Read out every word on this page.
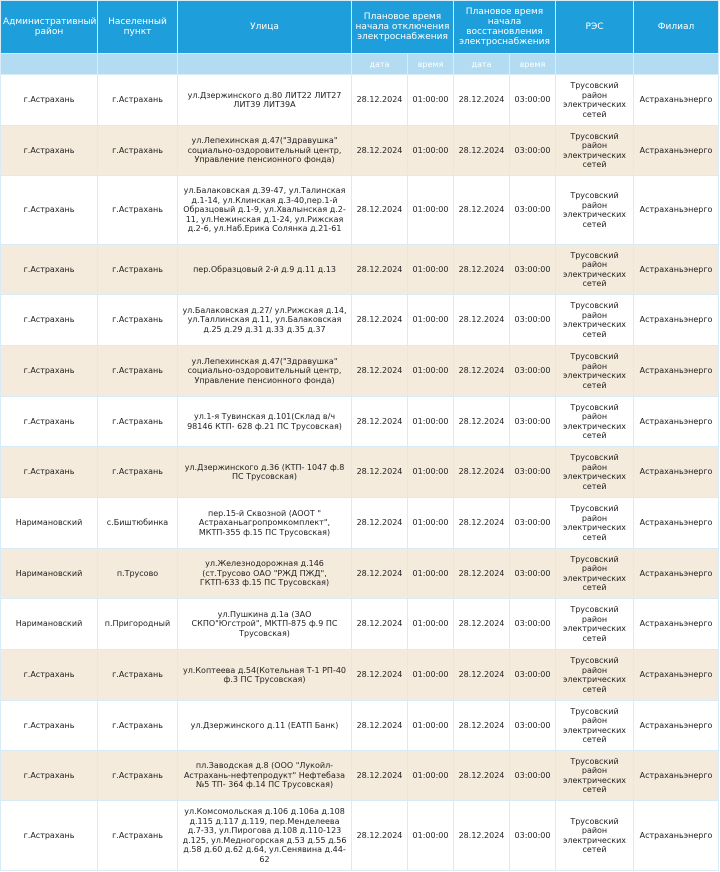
Административный район	Населенный пункт	Улица	Плановое время начала отключения электроснабжения		Плановое время начала восстановления электроснабжения		РЭС	Филиал
			дата	время	дата	время		
г.Астрахань	г.Астрахань	ул.Дзержинского д.80 ЛИТ22 ЛИТ27 ЛИТ39 ЛИТ39А	28.12.2024	01:00:00	28.12.2024	03:00:00	Трусовский район электрических сетей	Астраханьэнерго
г.Астрахань	г.Астрахань	ул.Лепехинская д.47("Здравушка" социально-оздоровительный центр, Управление пенсионного фонда)	28.12.2024	01:00:00	28.12.2024	03:00:00	Трусовский район электрических сетей	Астраханьэнерго
г.Астрахань	г.Астрахань	ул.Балаковская д.39-47, ул.Талинская д.1-14, ул.Клинская д.3-40,пер.1-й Образцовый д.1-9, ул.Хвалынская д.2-11, ул.Нежинская д.1-24, ул.Рижская д.2-6, ул.Наб.Ерика Солянка д.21-61	28.12.2024	01:00:00	28.12.2024	03:00:00	Трусовский район электрических сетей	Астраханьэнерго
г.Астрахань	г.Астрахань	пер.Образцовый 2-й д.9 д.11 д.13	28.12.2024	01:00:00	28.12.2024	03:00:00	Трусовский район электрических сетей	Астраханьэнерго
г.Астрахань	г.Астрахань	ул.Балаковская д.27/ ул.Рижская д.14, ул.Таллинская д.11, ул.Балаковская д.25 д.29 д.31 д.33 д.35 д.37	28.12.2024	01:00:00	28.12.2024	03:00:00	Трусовский район электрических сетей	Астраханьэнерго
г.Астрахань	г.Астрахань	ул.Лепехинская д.47("Здравушка" социально-оздоровительный центр, Управление пенсионного фонда)	28.12.2024	01:00:00	28.12.2024	03:00:00	Трусовский район электрических сетей	Астраханьэнерго
г.Астрахань	г.Астрахань	ул.1-я Тувинская д.101(Склад в/ч 98146 КТП- 628 ф.21 ПС Трусовская)	28.12.2024	01:00:00	28.12.2024	03:00:00	Трусовский район электрических сетей	Астраханьэнерго
г.Астрахань	г.Астрахань	ул.Дзержинского д.36 (КТП- 1047 ф.8 ПС Трусовская)	28.12.2024	01:00:00	28.12.2024	03:00:00	Трусовский район электрических сетей	Астраханьэнерго
Наримановский	с.Биштюбинка	пер.15-й Сквозной (АООТ " Астраханьагропромкомплект", МКТП-355 ф.15 ПС Трусовская)	28.12.2024	01:00:00	28.12.2024	03:00:00	Трусовский район электрических сетей	Астраханьэнерго
Наримановский	п.Трусово	ул.Железнодорожная д.146 (ст.Трусово ОАО "РЖД ПЖД", ГКТП-633 ф.15 ПС Трусовская)	28.12.2024	01:00:00	28.12.2024	03:00:00	Трусовский район электрических сетей	Астраханьэнерго
Наримановский	п.Пригородный	ул.Пушкина д.1а (ЗАО СКПО"Югстрой", МКТП-875 ф.9 ПС Трусовская)	28.12.2024	01:00:00	28.12.2024	03:00:00	Трусовский район электрических сетей	Астраханьэнерго
г.Астрахань	г.Астрахань	ул.Коптеева д.54(Котельная Т-1 РП-40 ф.3 ПС Трусовская)	28.12.2024	01:00:00	28.12.2024	03:00:00	Трусовский район электрических сетей	Астраханьэнерго
г.Астрахань	г.Астрахань	ул.Дзержинского д.11 (ЕАТП Банк)	28.12.2024	01:00:00	28.12.2024	03:00:00	Трусовский район электрических сетей	Астраханьэнерго
г.Астрахань	г.Астрахань	пл.Заводская д.8 (ООО "Лукойл-Астрахань-нефтепродукт" Нефтебаза №5 ТП- 364 ф.14 ПС Трусовская)	28.12.2024	01:00:00	28.12.2024	03:00:00	Трусовский район электрических сетей	Астраханьэнерго
г.Астрахань	г.Астрахань	ул.Комсомольская д.106 д.106а д.108 д.115 д.117 д.119, пер.Менделеева д.7-33, ул.Пирогова д.108 д.110-123 д.125, ул.Медногорская д.53 д.55 д.56 д.58 д.60 д.62 д.64, ул.Сенявина д.44-62	28.12.2024	01:00:00	28.12.2024	03:00:00	Трусовский район электрических сетей	Астраханьэнерго
